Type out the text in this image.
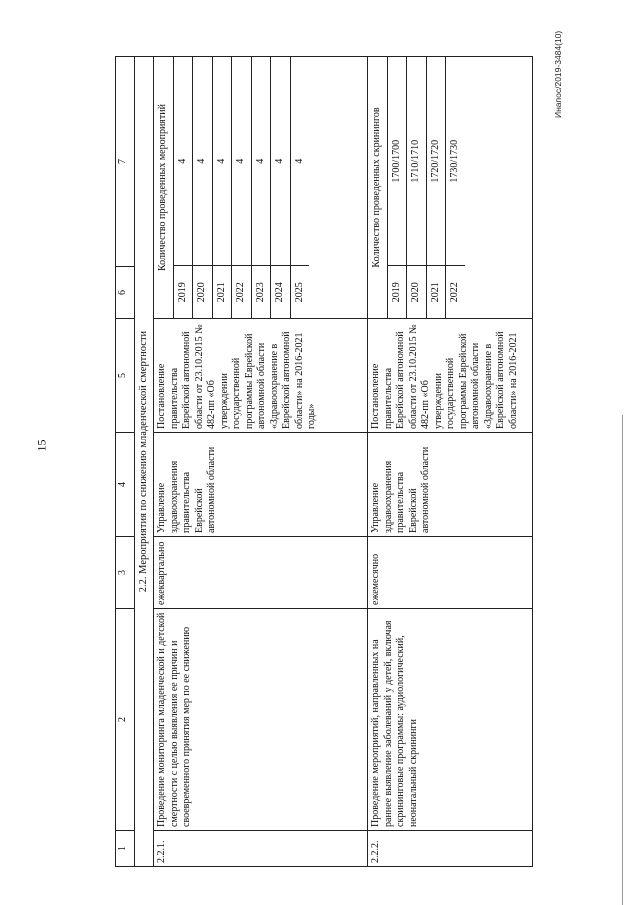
15
Инaпоc/2019-3484(10)
1	2	3	4	5	6	7
2.2. Мероприятия по снижению младенческой смертности
2.2.1.	Проведение мониторинга младенческой и детской смертности с целью выявления ее причин и своевременного принятия мер по ее снижению	ежеквартально	Управление здравоохранения правительства Еврейской автономной области	Постановление правительства Еврейской автономной области от 23.10.2015 № 482-пп «Об утверждении государственной программы Еврейской автономной области «Здравоохранение в Еврейской автономной области» на 2016-2021 годы»	
Количество проведенных мероприятий
2019	4
2020	4
2021	4
2022	4
2023	4
2024	4
2025	4

2.2.2.	Проведение мероприятий, направленных на раннее выявление заболеваний у детей, включая скрининговые программы: аудиологический, неонатальный скрининги	ежемесячно	Управление здравоохранения правительства Еврейской автономной области	Постановление правительства Еврейской автономной области от 23.10.2015 № 482-пп «Об утверждении государственной программы Еврейской автономной области «Здравоохранение в Еврейской автономной области» на 2016-2021	
Количество проведенных скринингов
2019	1700/1700
2020	1710/1710
2021	1720/1720
2022	1730/1730
